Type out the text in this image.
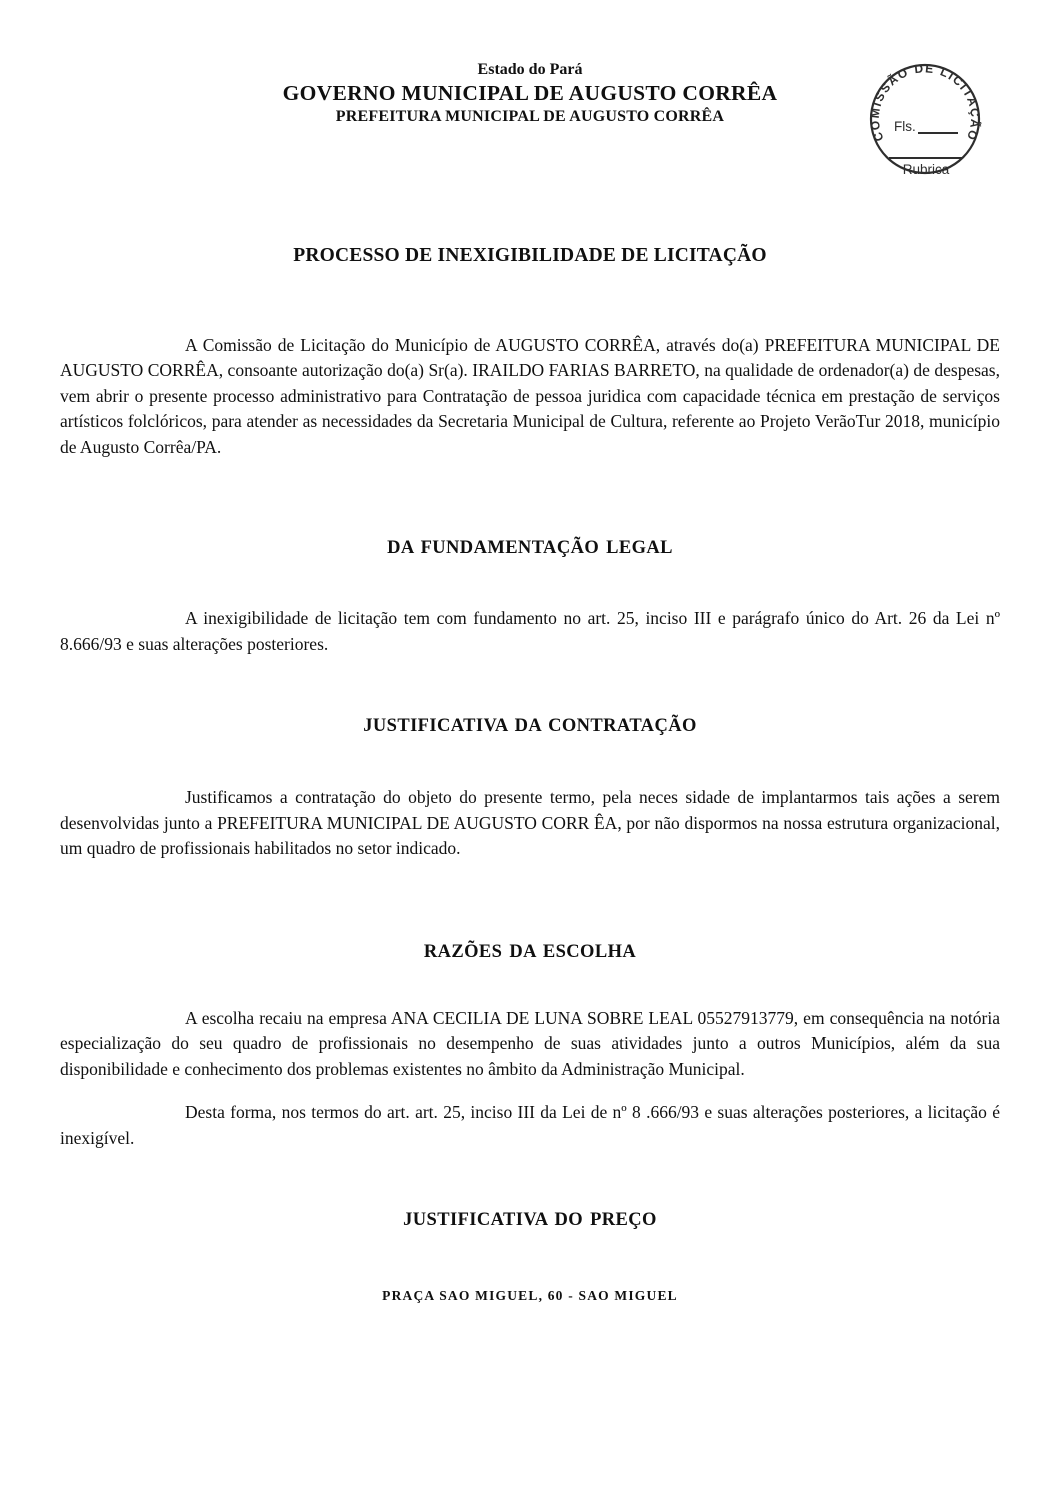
Estado do Pará
GOVERNO MUNICIPAL DE AUGUSTO CORRÊA
PREFEITURA MUNICIPAL DE AUGUSTO CORRÊA
COMISSÃO DE LICITAÇÃO
Fls.
Rubrica
PROCESSO DE INEXIGIBILIDADE DE LICITAÇÃO

A Comissão de Licitação do Município de AUGUSTO CORRÊA, através do(a) PREFEITURA MUNICIPAL DE AUGUSTO CORRÊA, consoante autorização do(a) Sr(a). IRAILDO FARIAS BARRETO, na qualidade de ordenador(a) de despesas, vem abrir o presente processo administrativo para Contratação de pessoa juridica com capacidade técnica em prestação de serviços artísticos folclóricos, para atender as necessidades da Secretaria Municipal de Cultura, referente ao Projeto VerãoTur 2018, município de Augusto Corrêa/PA.

DA FUNDAMENTAÇÃO LEGAL

A inexigibilidade de licitação tem com fundamento no art. 25, inciso III e parágrafo único do Art. 26 da Lei nº 8.666/93 e suas alterações posteriores.

JUSTIFICATIVA DA CONTRATAÇÃO

Justificamos a contratação do objeto do presente termo, pela neces sidade de implantarmos tais ações a serem desenvolvidas junto a PREFEITURA MUNICIPAL DE AUGUSTO CORR ÊA, por não dispormos na nossa estrutura organizacional, um quadro de profissionais habilitados no setor indicado.

RAZÕES DA ESCOLHA

A escolha recaiu na empresa ANA CECILIA DE LUNA SOBRE LEAL 05527913779, em consequência na notória especialização do seu quadro de profissionais no desempenho de suas atividades junto a outros Municípios, além da sua disponibilidade e conhecimento dos problemas existentes no âmbito da Administração Municipal.

Desta forma, nos termos do art. art. 25, inciso III da Lei de nº 8 .666/93 e suas alterações posteriores, a licitação é inexigível.

JUSTIFICATIVA DO PREÇO
PRAÇA SAO MIGUEL, 60 - SAO MIGUEL
